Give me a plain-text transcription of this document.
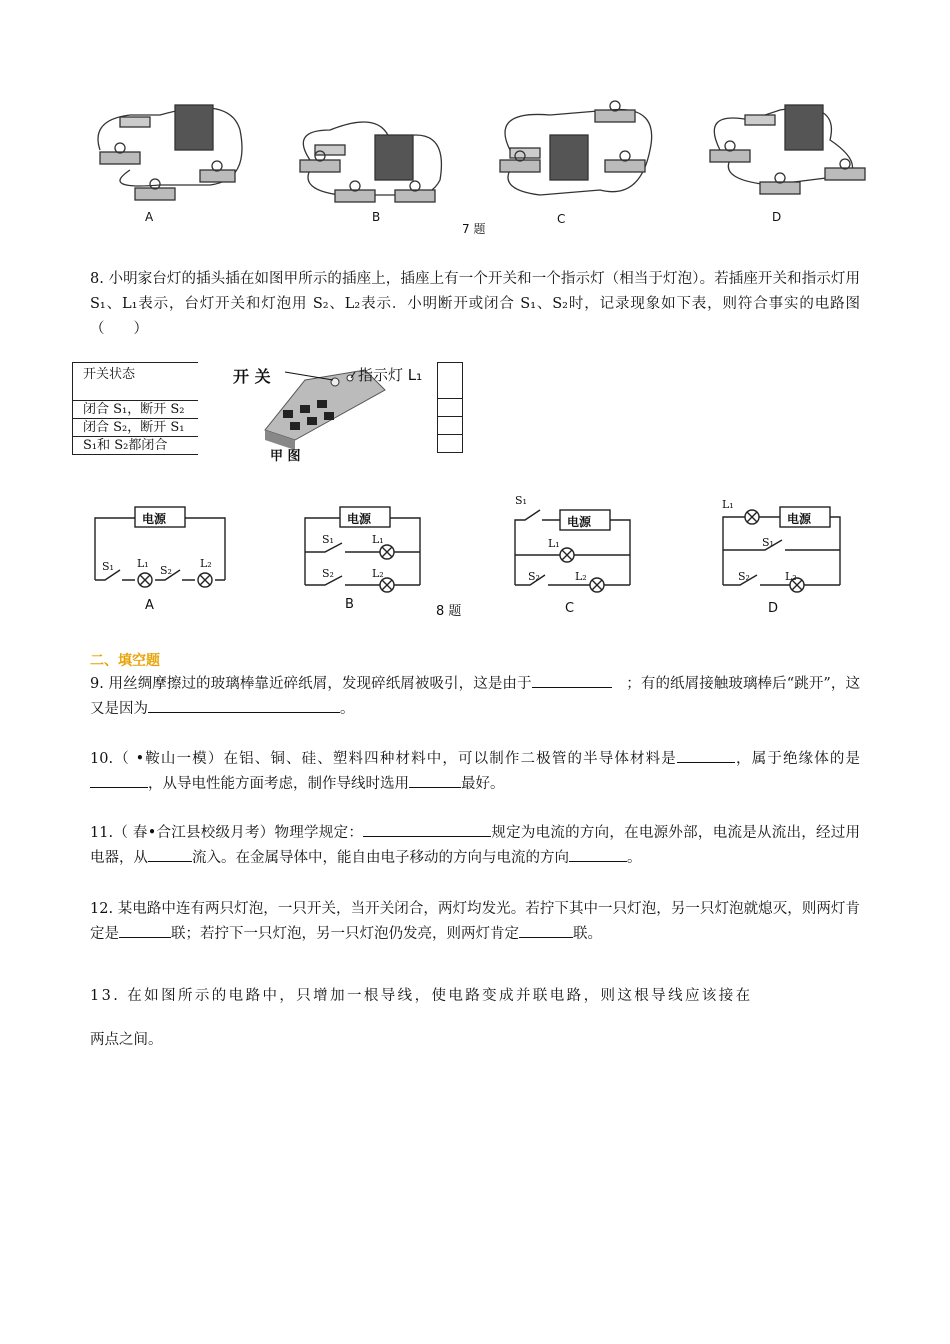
A	B	C	D
7 题
8. 小明家台灯的插头插在如图甲所示的插座上，插座上有一个开关和一个指示灯（相当于灯泡）。若插座开关和指示灯用 S₁、L₁表示，台灯开关和灯泡用 S₂、L₂表示．小明断开或闭合 S₁、S₂时，记录现象如下表，则符合事实的电路图（　　）
开关状态
闭合 S₁，断开 S₂
闭合 S₂，断开 S₁
S₁和 S₂都闭合
开 关	指示灯 L₁
甲 图
电源	电源	电源	电源
S₁ L₁
S₂
L₂
S₁	L₁
S₂	L₂
S₁
L₁
S₂	L₂
L₁
S₁
S₂	L₂
A	B	C	D
8 题
二、填空题
9. 用丝绸摩擦过的玻璃棒靠近碎纸屑，发现碎纸屑被吸引，这是由于　	；有的纸屑接触玻璃棒后“跳开”，这又是因为	。
10.（ •鞍山一模）在铝、铜、硅、塑料四种材料中，可以制作二极管的半导体材料是	，属于绝缘体的是，从导电性能方面考虑，制作导线时选用	最好。
11.（ 春•合江县校级月考）物理学规定：	规定为电流的方向，在电源外部，电流是从流出，经过用电器，从	流入。在金属导体中，能自由电子移动的方向与电流的方向	。
12. 某电路中连有两只灯泡，一只开关，当开关闭合，两灯均发光。若拧下其中一只灯泡，另一只灯泡就熄灭，则两灯肯定是	联；若拧下一只灯泡，另一只灯泡仍发亮，则两灯肯定	联。
13. 在如图所示的电路中，只增加一根导线，使电路变成并联电路，则这根导线应该接在
两点之间。
